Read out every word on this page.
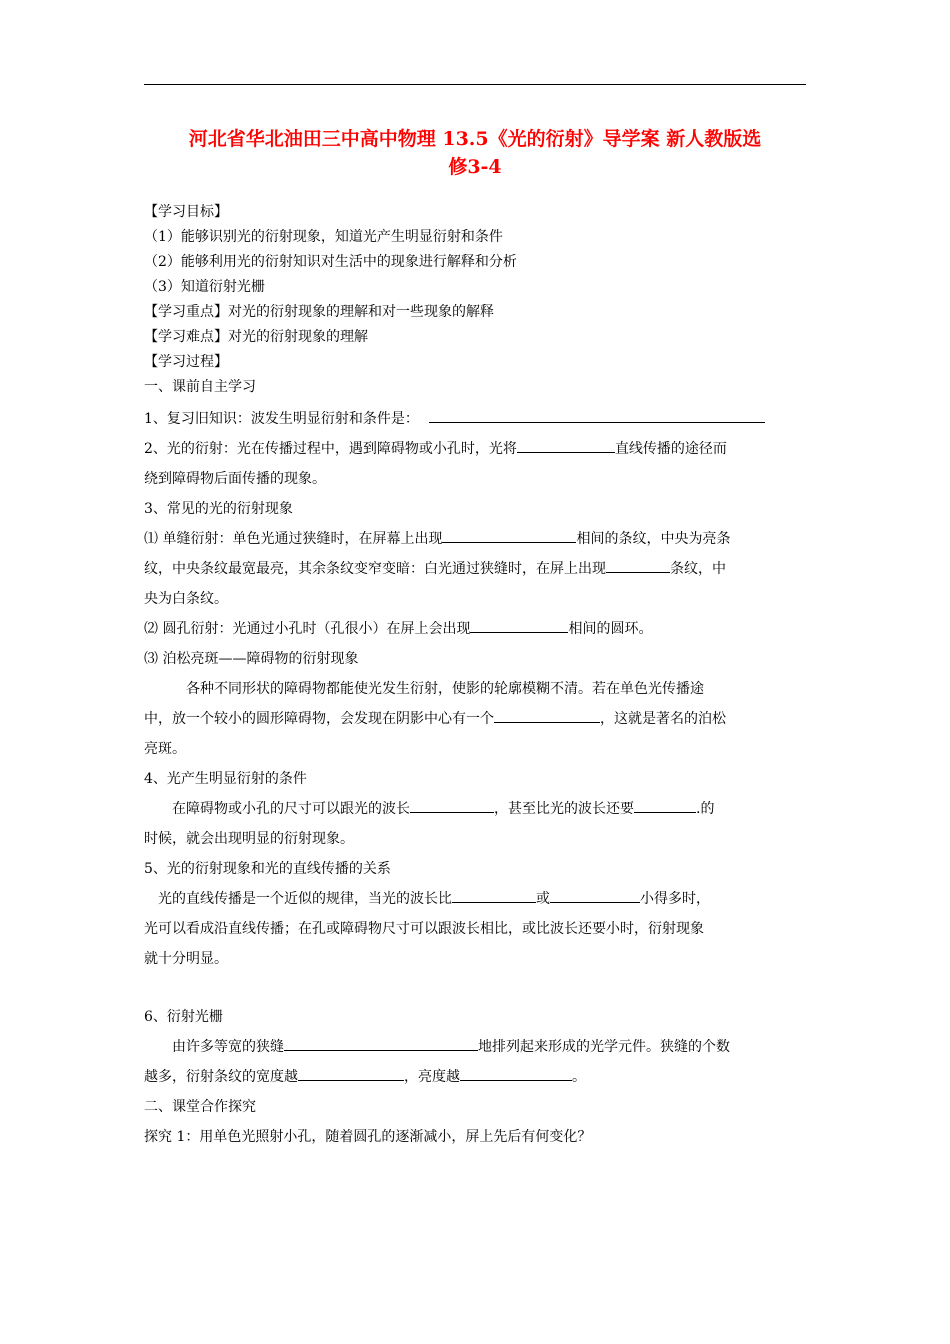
河北省华北油田三中高中物理 13.5《光的衍射》导学案 新人教版选
修3-4
【学习目标】
（1）能够识别光的衍射现象，知道光产生明显衍射和条件
（2）能够利用光的衍射知识对生活中的现象进行解释和分析
（3）知道衍射光栅
【学习重点】对光的衍射现象的理解和对一些现象的解释
【学习难点】对光的衍射现象的理解
【学习过程】
一、课前自主学习
1、复习旧知识：波发生明显衍射和条件是：
2、光的衍射：光在传播过程中，遇到障碍物或小孔时，光将	直线传播的途径而
绕到障碍物后面传播的现象。
3、常见的光的衍射现象
⑴ 单缝衍射：单色光通过狭缝时，在屏幕上出现	相间的条纹，中央为亮条
纹，中央条纹最宽最亮，其余条纹变窄变暗：白光通过狭缝时，在屏上出现	条纹，中
央为白条纹。
⑵ 圆孔衍射：光通过小孔时（孔很小）在屏上会出现	相间的圆环。
⑶ 泊松亮斑——障碍物的衍射现象
各种不同形状的障碍物都能使光发生衍射，使影的轮廓模糊不清。若在单色光传播途
中，放一个较小的圆形障碍物，会发现在阴影中心有一个	，这就是著名的泊松
亮斑。
4、光产生明显衍射的条件
在障碍物或小孔的尺寸可以跟光的波长	，甚至比光的波长还要	.的
时候，就会出现明显的衍射现象。
5、光的衍射现象和光的直线传播的关系
光的直线传播是一个近似的规律，当光的波长比	或	小得多时，
光可以看成沿直线传播；在孔或障碍物尺寸可以跟波长相比，或比波长还要小时，衍射现象
就十分明显。
6、衍射光栅
由许多等宽的狭缝	地排列起来形成的光学元件。狭缝的个数
越多，衍射条纹的宽度越	，亮度越	。
二、课堂合作探究
探究 1：用单色光照射小孔，随着圆孔的逐渐减小，屏上先后有何变化？
